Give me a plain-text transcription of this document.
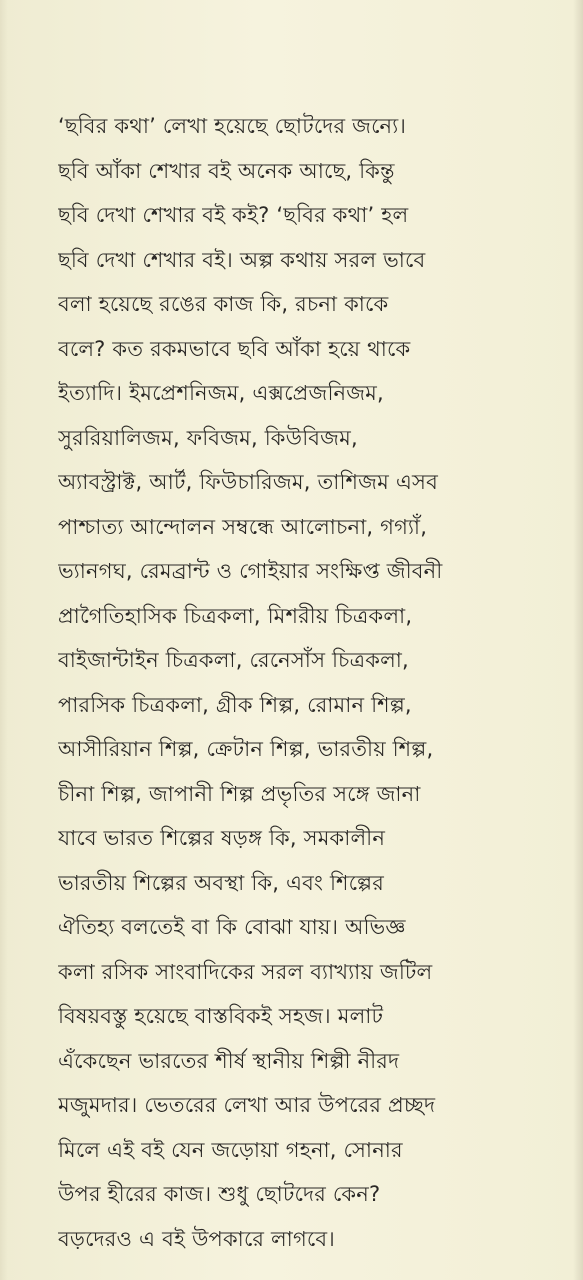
‘ছবির কথা’ লেখা হয়েছে ছোটদের জন্যে।
ছবি আঁকা শেখার বই অনেক আছে, কিন্তু
ছবি দেখা শেখার বই কই? ‘ছবির কথা’ হল
ছবি দেখা শেখার বই। অল্প কথায় সরল ভাবে
বলা হয়েছে রঙের কাজ কি, রচনা কাকে
বলে? কত রকমভাবে ছবি আঁকা হয়ে থাকে
ইত্যাদি। ইমপ্রেশনিজম, এক্সপ্রেজনিজম,
সুররিয়ালিজম, ফবিজম, কিউবিজম,
অ্যাবস্ট্রাক্ট, আর্ট, ফিউচারিজম, তাশিজম এসব
পাশ্চাত্য আন্দোলন সম্বন্ধে আলোচনা, গগ্যাঁ,
ভ্যানগঘ, রেমব্রান্ট ও গোইয়ার সংক্ষিপ্ত জীবনী
প্রাগৈতিহাসিক চিত্রকলা, মিশরীয় চিত্রকলা,
বাইজান্টাইন চিত্রকলা, রেনেসাঁস চিত্রকলা,
পারসিক চিত্রকলা, গ্রীক শিল্প, রোমান শিল্প,
আসীরিয়ান শিল্প, ক্রেটান শিল্প, ভারতীয় শিল্প,
চীনা শিল্প, জাপানী শিল্প প্রভৃতির সঙ্গে জানা
যাবে ভারত শিল্পের ষড়ঙ্গ কি, সমকালীন
ভারতীয় শিল্পের অবস্থা কি, এবং শিল্পের
ঐতিহ্য বলতেই বা কি বোঝা যায়। অভিজ্ঞ
কলা রসিক সাংবাদিকের সরল ব্যাখ্যায় জটিল
বিষয়বস্তু হয়েছে বাস্তবিকই সহজ। মলাট
এঁকেছেন ভারতের শীর্ষ স্থানীয় শিল্পী নীরদ
মজুমদার। ভেতরের লেখা আর উপরের প্রচ্ছদ
মিলে এই বই যেন জড়োয়া গহনা, সোনার
উপর হীরের কাজ। শুধু ছোটদের কেন?
বড়দেরও এ বই উপকারে লাগবে।
